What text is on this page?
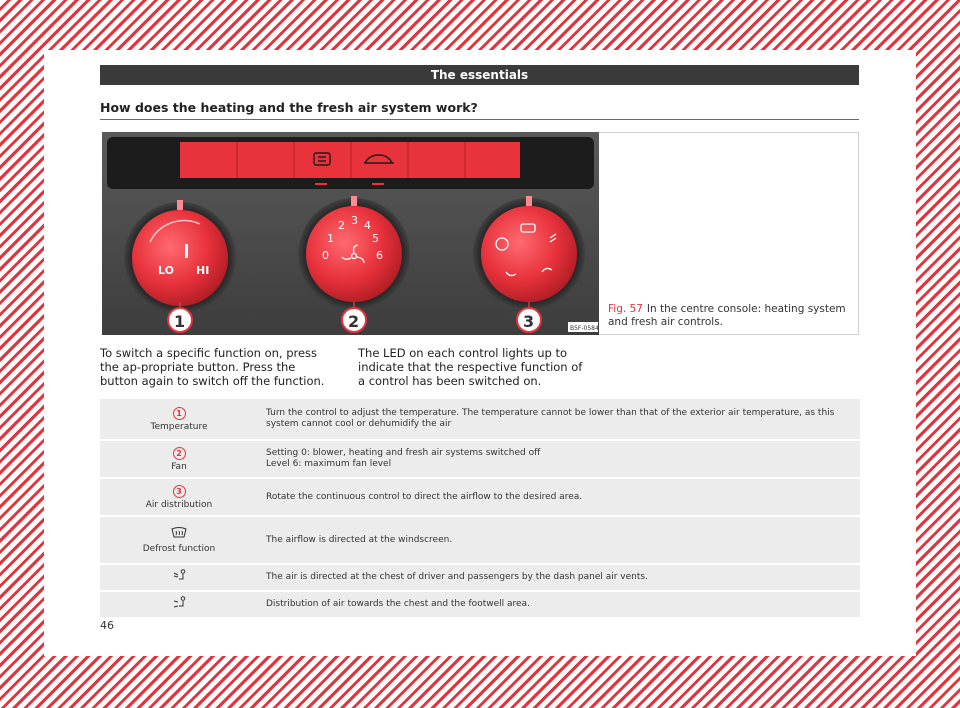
The essentials
How does the heating and the fresh air system work?
LO HI
0
1
2 3 4
5
6
1	2	3	B5F-0584
Fig. 57 In the centre console: heating system and fresh air controls.
To switch a specific function on, press the ap-propriate button. Press the button again to switch off the function.
The LED on each control lights up to indicate that the respective function of a control has been switched on.
1
Temperature	Turn the control to adjust the temperature. The temperature cannot be lower than that of the exterior air temperature, as this system cannot cool or dehumidify the air
2
Fan	Setting 0: blower, heating and fresh air systems switched off
Level 6: maximum fan level
3
Air distribution	Rotate the continuous control to direct the airflow to the desired area.

Defrost function	The airflow is directed at the windscreen.
	The air is directed at the chest of driver and passengers by the dash panel air vents.
	Distribution of air towards the chest and the footwell area.
46
